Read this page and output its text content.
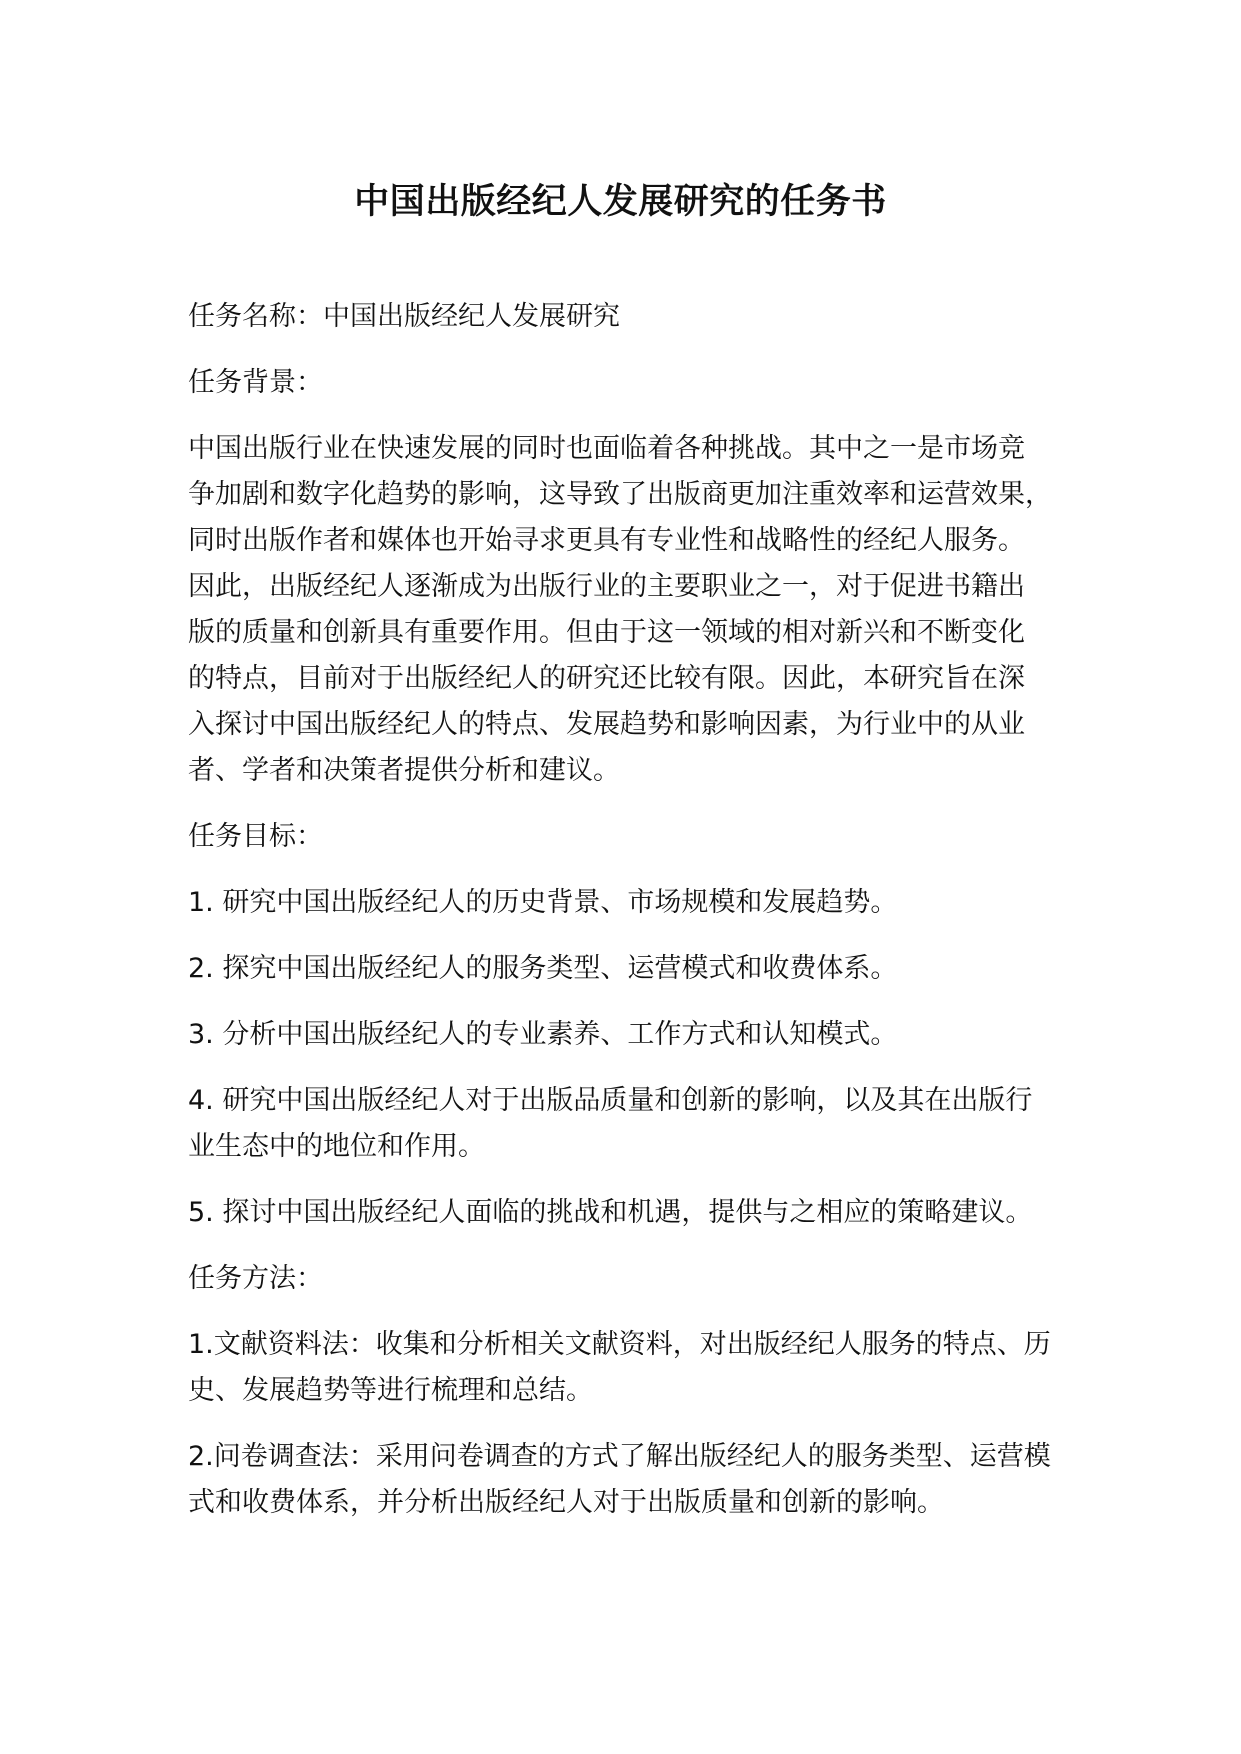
中国出版经纪人发展研究的任务书

任务名称：中国出版经纪人发展研究

任务背景：

中国出版行业在快速发展的同时也面临着各种挑战。其中之一是市场竞
争加剧和数字化趋势的影响，这导致了出版商更加注重效率和运营效果，
同时出版作者和媒体也开始寻求更具有专业性和战略性的经纪人服务。
因此，出版经纪人逐渐成为出版行业的主要职业之一，对于促进书籍出
版的质量和创新具有重要作用。但由于这一领域的相对新兴和不断变化
的特点，目前对于出版经纪人的研究还比较有限。因此，本研究旨在深
入探讨中国出版经纪人的特点、发展趋势和影响因素，为行业中的从业
者、学者和决策者提供分析和建议。

任务目标：

1. 研究中国出版经纪人的历史背景、市场规模和发展趋势。

2. 探究中国出版经纪人的服务类型、运营模式和收费体系。

3. 分析中国出版经纪人的专业素养、工作方式和认知模式。

4. 研究中国出版经纪人对于出版品质量和创新的影响，以及其在出版行
业生态中的地位和作用。

5. 探讨中国出版经纪人面临的挑战和机遇，提供与之相应的策略建议。

任务方法：

1.文献资料法：收集和分析相关文献资料，对出版经纪人服务的特点、历
史、发展趋势等进行梳理和总结。

2.问卷调查法：采用问卷调查的方式了解出版经纪人的服务类型、运营模
式和收费体系，并分析出版经纪人对于出版质量和创新的影响。
